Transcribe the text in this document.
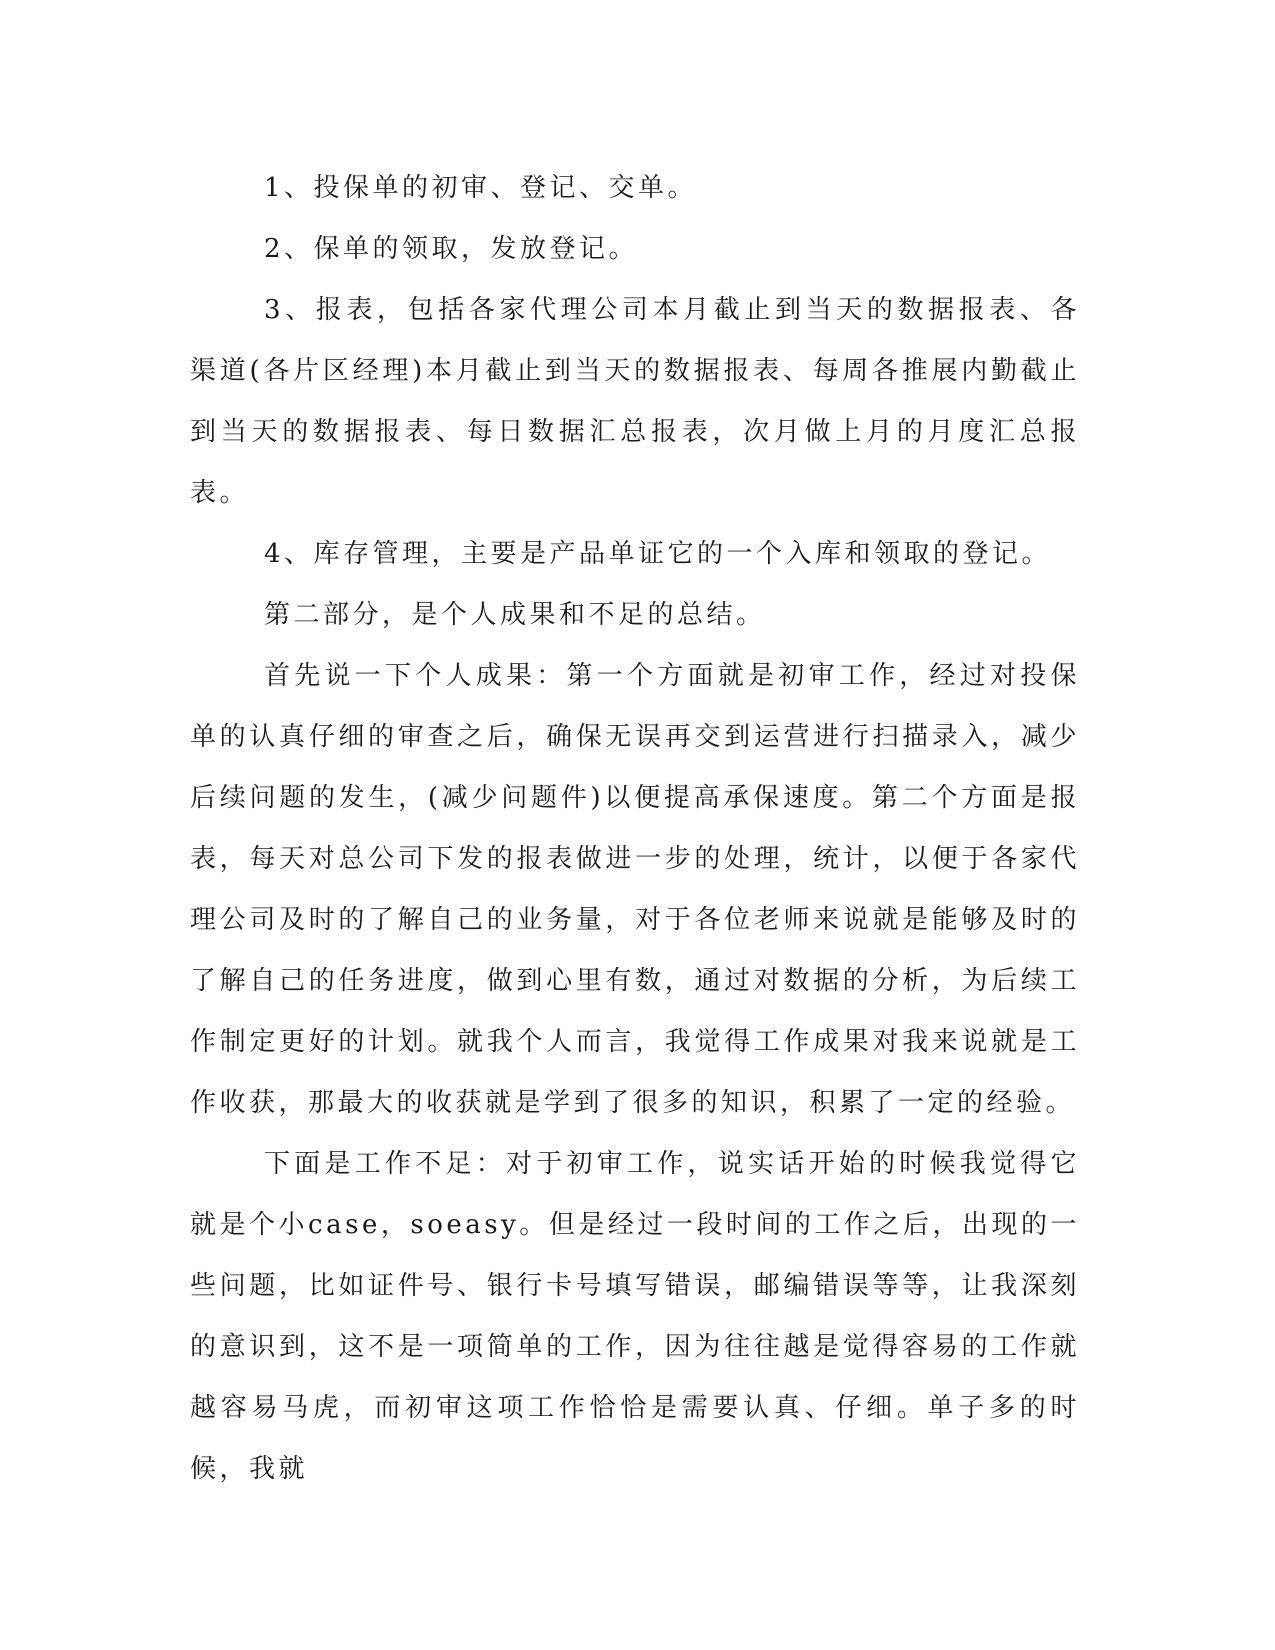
1、投保单的初审、登记、交单。

2、保单的领取，发放登记。

3、报表，包括各家代理公司本月截止到当天的数据报表、各渠道(各片区经理)本月截止到当天的数据报表、每周各推展内勤截止到当天的数据报表、每日数据汇总报表，次月做上月的月度汇总报表。

4、库存管理，主要是产品单证它的一个入库和领取的登记。

第二部分，是个人成果和不足的总结。

首先说一下个人成果：第一个方面就是初审工作，经过对投保单的认真仔细的审查之后，确保无误再交到运营进行扫描录入，减少后续问题的发生，(减少问题件)以便提高承保速度。第二个方面是报表，每天对总公司下发的报表做进一步的处理，统计，以便于各家代理公司及时的了解自己的业务量，对于各位老师来说就是能够及时的了解自己的任务进度，做到心里有数，通过对数据的分析，为后续工作制定更好的计划。就我个人而言，我觉得工作成果对我来说就是工作收获，那最大的收获就是学到了很多的知识，积累了一定的经验。

下面是工作不足：对于初审工作，说实话开始的时候我觉得它就是个小case，soeasy。但是经过一段时间的工作之后，出现的一些问题，比如证件号、银行卡号填写错误，邮编错误等等，让我深刻的意识到，这不是一项简单的工作，因为往往越是觉得容易的工作就越容易马虎，而初审这项工作恰恰是需要认真、仔细。单子多的时候，我就
